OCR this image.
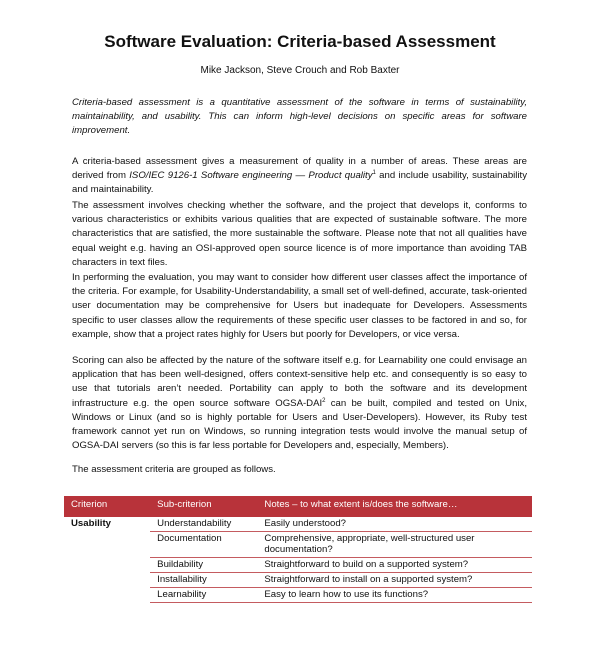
Software Evaluation: Criteria-based Assessment
Mike Jackson, Steve Crouch and Rob Baxter
Criteria-based assessment is a quantitative assessment of the software in terms of sustainability, maintainability, and usability. This can inform high-level decisions on specific areas for software improvement.
A criteria-based assessment gives a measurement of quality in a number of areas. These areas are derived from ISO/IEC 9126-1 Software engineering — Product quality$^1$ and include usability, sustainability and maintainability.
The assessment involves checking whether the software, and the project that develops it, conforms to various characteristics or exhibits various qualities that are expected of sustainable software. The more characteristics that are satisfied, the more sustainable the software. Please note that not all qualities have equal weight e.g. having an OSI-approved open source licence is of more importance than avoiding TAB characters in text files.
In performing the evaluation, you may want to consider how different user classes affect the importance of the criteria. For example, for Usability-Understandability, a small set of well-defined, accurate, task-oriented user documentation may be comprehensive for Users but inadequate for Developers. Assessments specific to user classes allow the requirements of these specific user classes to be factored in and so, for example, show that a project rates highly for Users but poorly for Developers, or vice versa.
Scoring can also be affected by the nature of the software itself e.g. for Learnability one could envisage an application that has been well-designed, offers context-sensitive help etc. and consequently is so easy to use that tutorials aren’t needed. Portability can apply to both the software and its development infrastructure e.g. the open source software OGSA-DAI$^2$ can be built, compiled and tested on Unix, Windows or Linux (and so is highly portable for Users and User-Developers). However, its Ruby test framework cannot yet run on Windows, so running integration tests would involve the manual setup of OGSA-DAI servers (so this is far less portable for Developers and, especially, Members).
The assessment criteria are grouped as follows.
Criterion	Sub-criterion	Notes – to what extent is/does the software…
Usability	Understandability	Easily understood?
	Documentation	Comprehensive, appropriate, well-structured user documentation?
	Buildability	Straightforward to build on a supported system?
	Installability	Straightforward to install on a supported system?
	Learnability	Easy to learn how to use its functions?
